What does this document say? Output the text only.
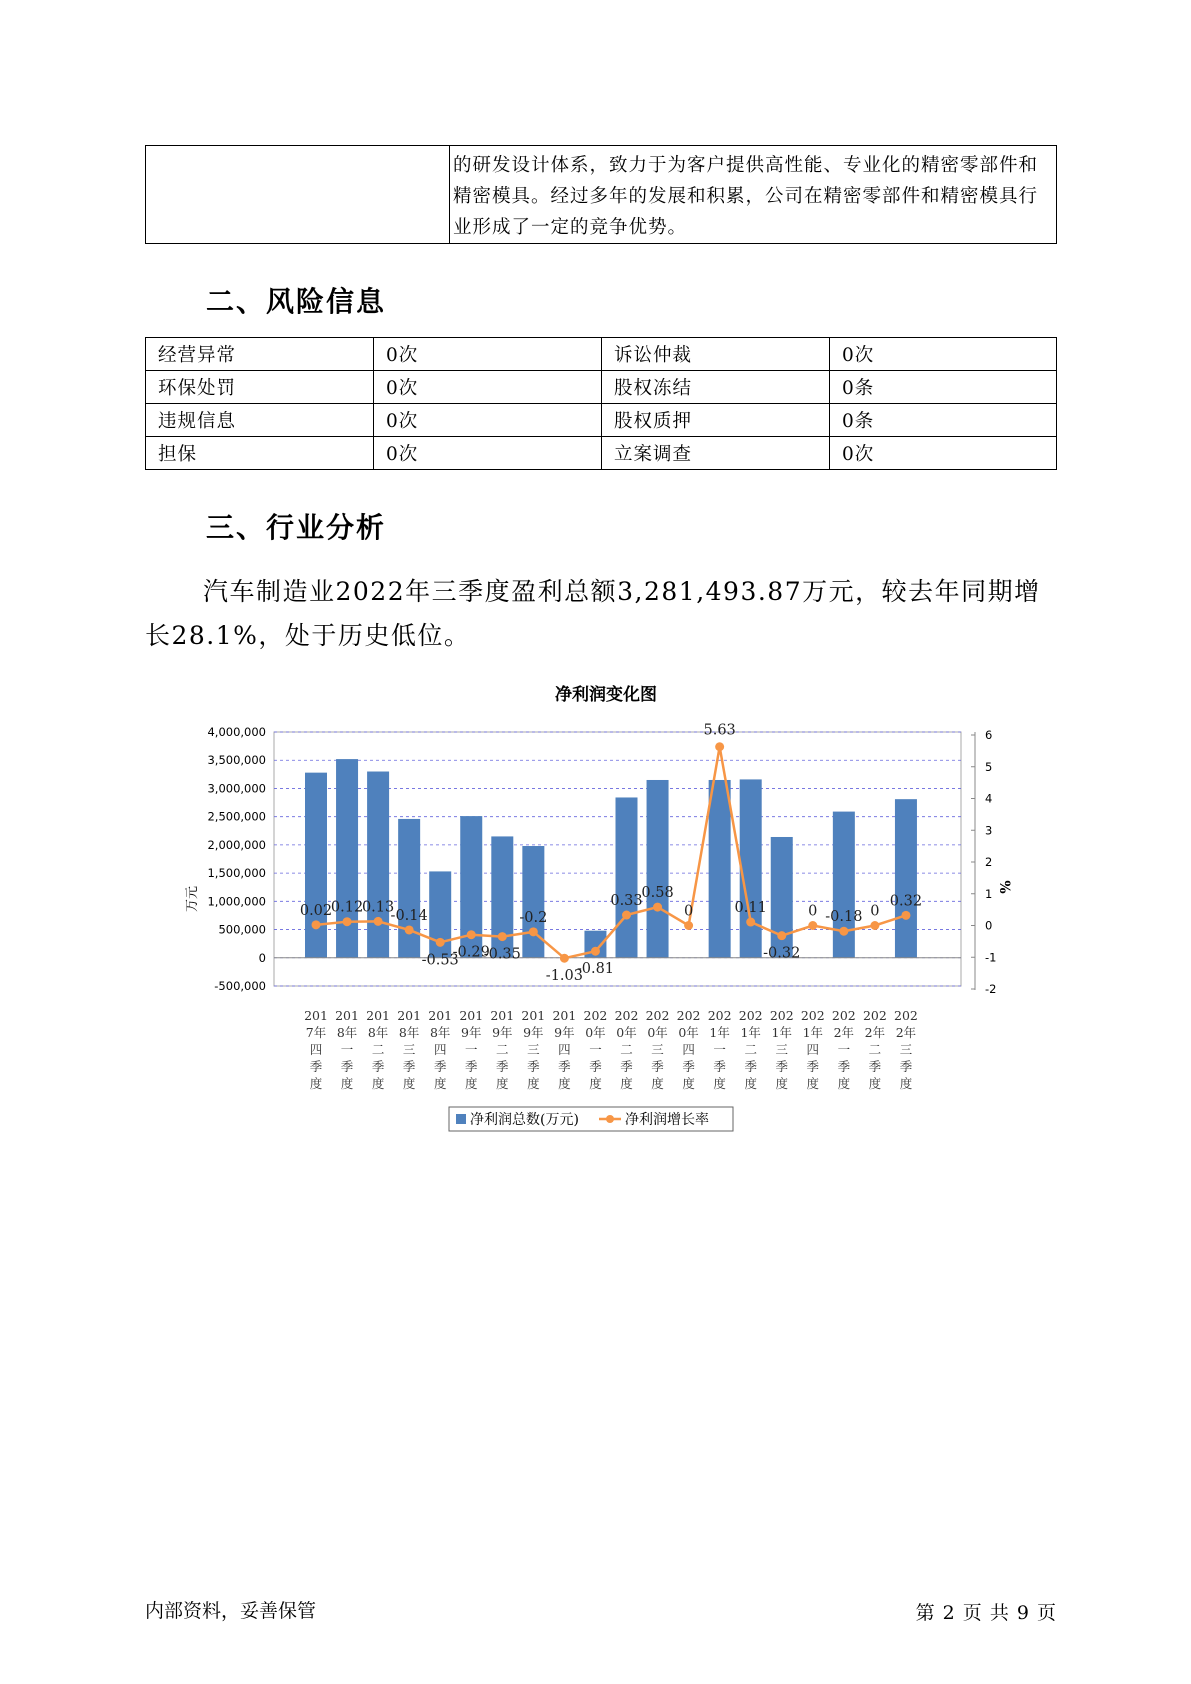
	的研发设计体系，致力于为客户提供高性能、专业化的精密零部件和精密模具。经过多年的发展和积累，公司在精密零部件和精密模具行业形成了一定的竞争优势。
二、风险信息
经营异常	0次	诉讼仲裁	0次
环保处罚	0次	股权冻结	0条
违规信息	0次	股权质押	0条
担保	0次	立案调查	0次
三、行业分析
汽车制造业2022年三季度盈利总额3,281,493.87万元，较去年同期增长28.1%，处于历史低位。
净利润变化图
4,000,000
3,500,000
3,000,000
2,500,000
2,000,000
1,500,000
1,000,000
500,000
0
-500,000
6
5
4
3
2
1
0
-1
-2
万元	%
201
7年
四
季
度
201
8年
一
季
度
201
8年
二
季
度
201
8年
三
季
度
201
8年
四
季
度
201
9年
一
季
度
201
9年
二
季
度
201
9年
三
季
度
201
9年
四
季
度
202
0年
一
季
度
202
0年
二
季
度
202
0年
三
季
度
202
0年
四
季
度
202
1年
一
季
度
202
1年
二
季
度
202
1年
三
季
度
202
1年
四
季
度
202
2年
一
季
度
202
2年
二
季
度
202
2年
三
季
度
0.02
0.12
0.13
-0.14
-0.53
-0.29
-0.35
-0.2
-1.03
-0.81
0.33
0.58
0
5.63
0.11
-0.32
0 -0.18 0
0.32
净利润总数(万元)	净利润增长率
内部资料，妥善保管	第 2 页 共 9 页
